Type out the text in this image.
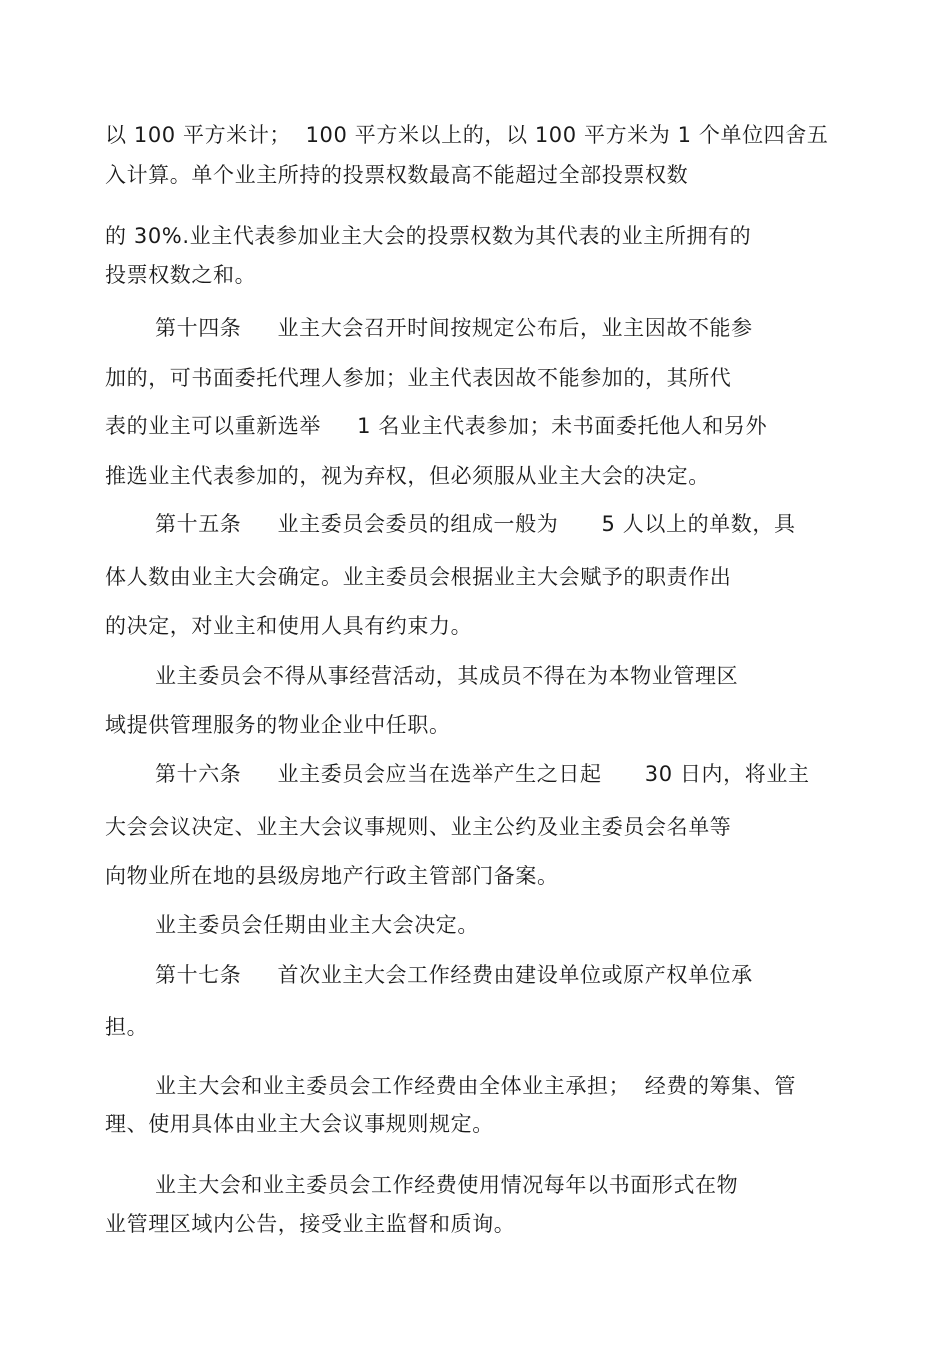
以 100 平方米计；  100 平方米以上的，以 100 平方米为 1 个单位四舍五
入计算。单个业主所持的投票权数最高不能超过全部投票权数
的 30%.业主代表参加业主大会的投票权数为其代表的业主所拥有的
投票权数之和。
第十四条　  业主大会召开时间按规定公布后，业主因故不能参
加的，可书面委托代理人参加；业主代表因故不能参加的，其所代
表的业主可以重新选举　  1 名业主代表参加；未书面委托他人和另外
推选业主代表参加的，视为弃权，但必须服从业主大会的决定。
第十五条　  业主委员会委员的组成一般为　　5 人以上的单数，具
体人数由业主大会确定。业主委员会根据业主大会赋予的职责作出
的决定，对业主和使用人具有约束力。
业主委员会不得从事经营活动，其成员不得在为本物业管理区
域提供管理服务的物业企业中任职。
第十六条　  业主委员会应当在选举产生之日起　　30 日内，将业主
大会会议决定、业主大会议事规则、业主公约及业主委员会名单等
向物业所在地的县级房地产行政主管部门备案。
业主委员会任期由业主大会决定。
第十七条　  首次业主大会工作经费由建设单位或原产权单位承
担。
业主大会和业主委员会工作经费由全体业主承担；  经费的筹集、管
理、使用具体由业主大会议事规则规定。
业主大会和业主委员会工作经费使用情况每年以书面形式在物
业管理区域内公告，接受业主监督和质询。
